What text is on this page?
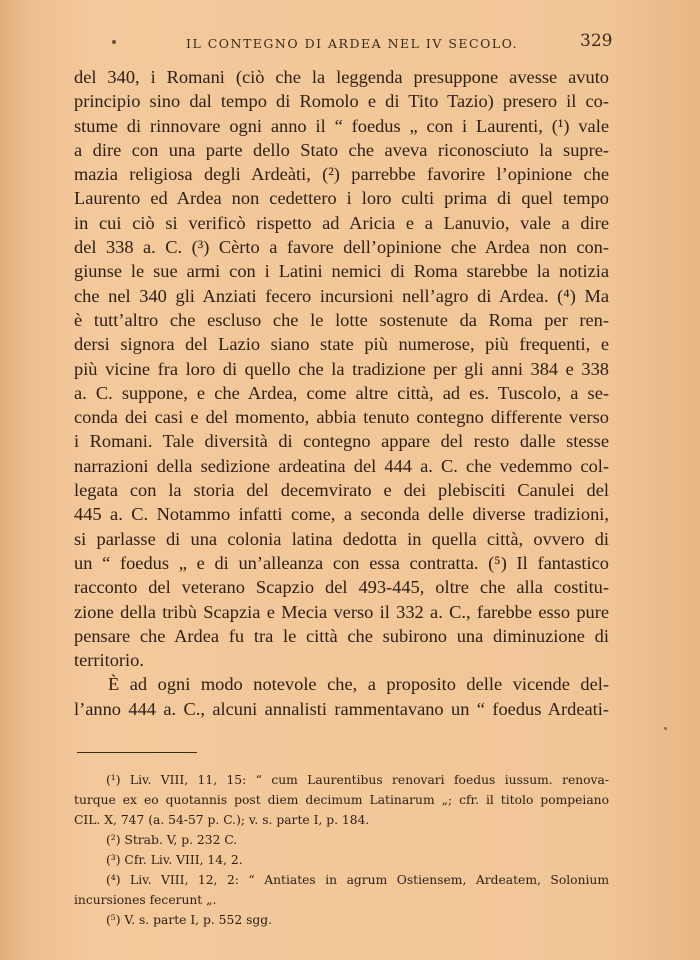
IL CONTEGNO DI ARDEA NEL IV SECOLO.	329
del 340, i Romani (ciò che la leggenda presuppone avesse avuto
principio sino dal tempo di Romolo e di Tito Tazio) presero il co-
stume di rinnovare ogni anno il “ foedus „ con i Laurenti, (¹) vale
a dire con una parte dello Stato che aveva riconosciuto la supre-
mazia religiosa degli Ardeàti, (²) parrebbe favorire l’opinione che
Laurento ed Ardea non cedettero i loro culti prima di quel tempo
in cui ciò si verificò rispetto ad Aricia e a Lanuvio, vale a dire
del 338 a. C. (³) Cèrto a favore dell’opinione che Ardea non con-
giunse le sue armi con i Latini nemici di Roma starebbe la notizia
che nel 340 gli Anziati fecero incursioni nell’agro di Ardea. (⁴) Ma
è tutt’altro che escluso che le lotte sostenute da Roma per ren-
dersi signora del Lazio siano state più numerose, più frequenti, e
più vicine fra loro di quello che la tradizione per gli anni 384 e 338
a. C. suppone, e che Ardea, come altre città, ad es. Tuscolo, a se-
conda dei casi e del momento, abbia tenuto contegno differente verso
i Romani. Tale diversità di contegno appare del resto dalle stesse
narrazioni della sedizione ardeatina del 444 a. C. che vedemmo col-
legata con la storia del decemvirato e dei plebisciti Canulei del
445 a. C. Notammo infatti come, a seconda delle diverse tradizioni,
si parlasse di una colonia latina dedotta in quella città, ovvero di
un “ foedus „ e di un’alleanza con essa contratta. (⁵) Il fantastico
racconto del veterano Scapzio del 493-445, oltre che alla costitu-
zione della tribù Scapzia e Mecia verso il 332 a. C., farebbe esso pure
pensare che Ardea fu tra le città che subirono una diminuzione di
territorio.
È ad ogni modo notevole che, a proposito delle vicende del-
l’anno 444 a. C., alcuni annalisti rammentavano un “ foedus Ardeati-
(¹) Liv. VIII, 11, 15: “ cum Laurentibus renovari foedus iussum. renova-
turque ex eo quotannis post diem decimum Latinarum „; cfr. il titolo pompeiano
CIL. X, 747 (a. 54-57 p. C.); v. s. parte I, p. 184.
(²) Strab. V, p. 232 C.
(³) Cfr. Liv. VIII, 14, 2.
(⁴) Liv. VIII, 12, 2: “ Antiates in agrum Ostiensem, Ardeatem, Solonium
incursiones fecerunt „.
(⁵) V. s. parte I, p. 552 sgg.
